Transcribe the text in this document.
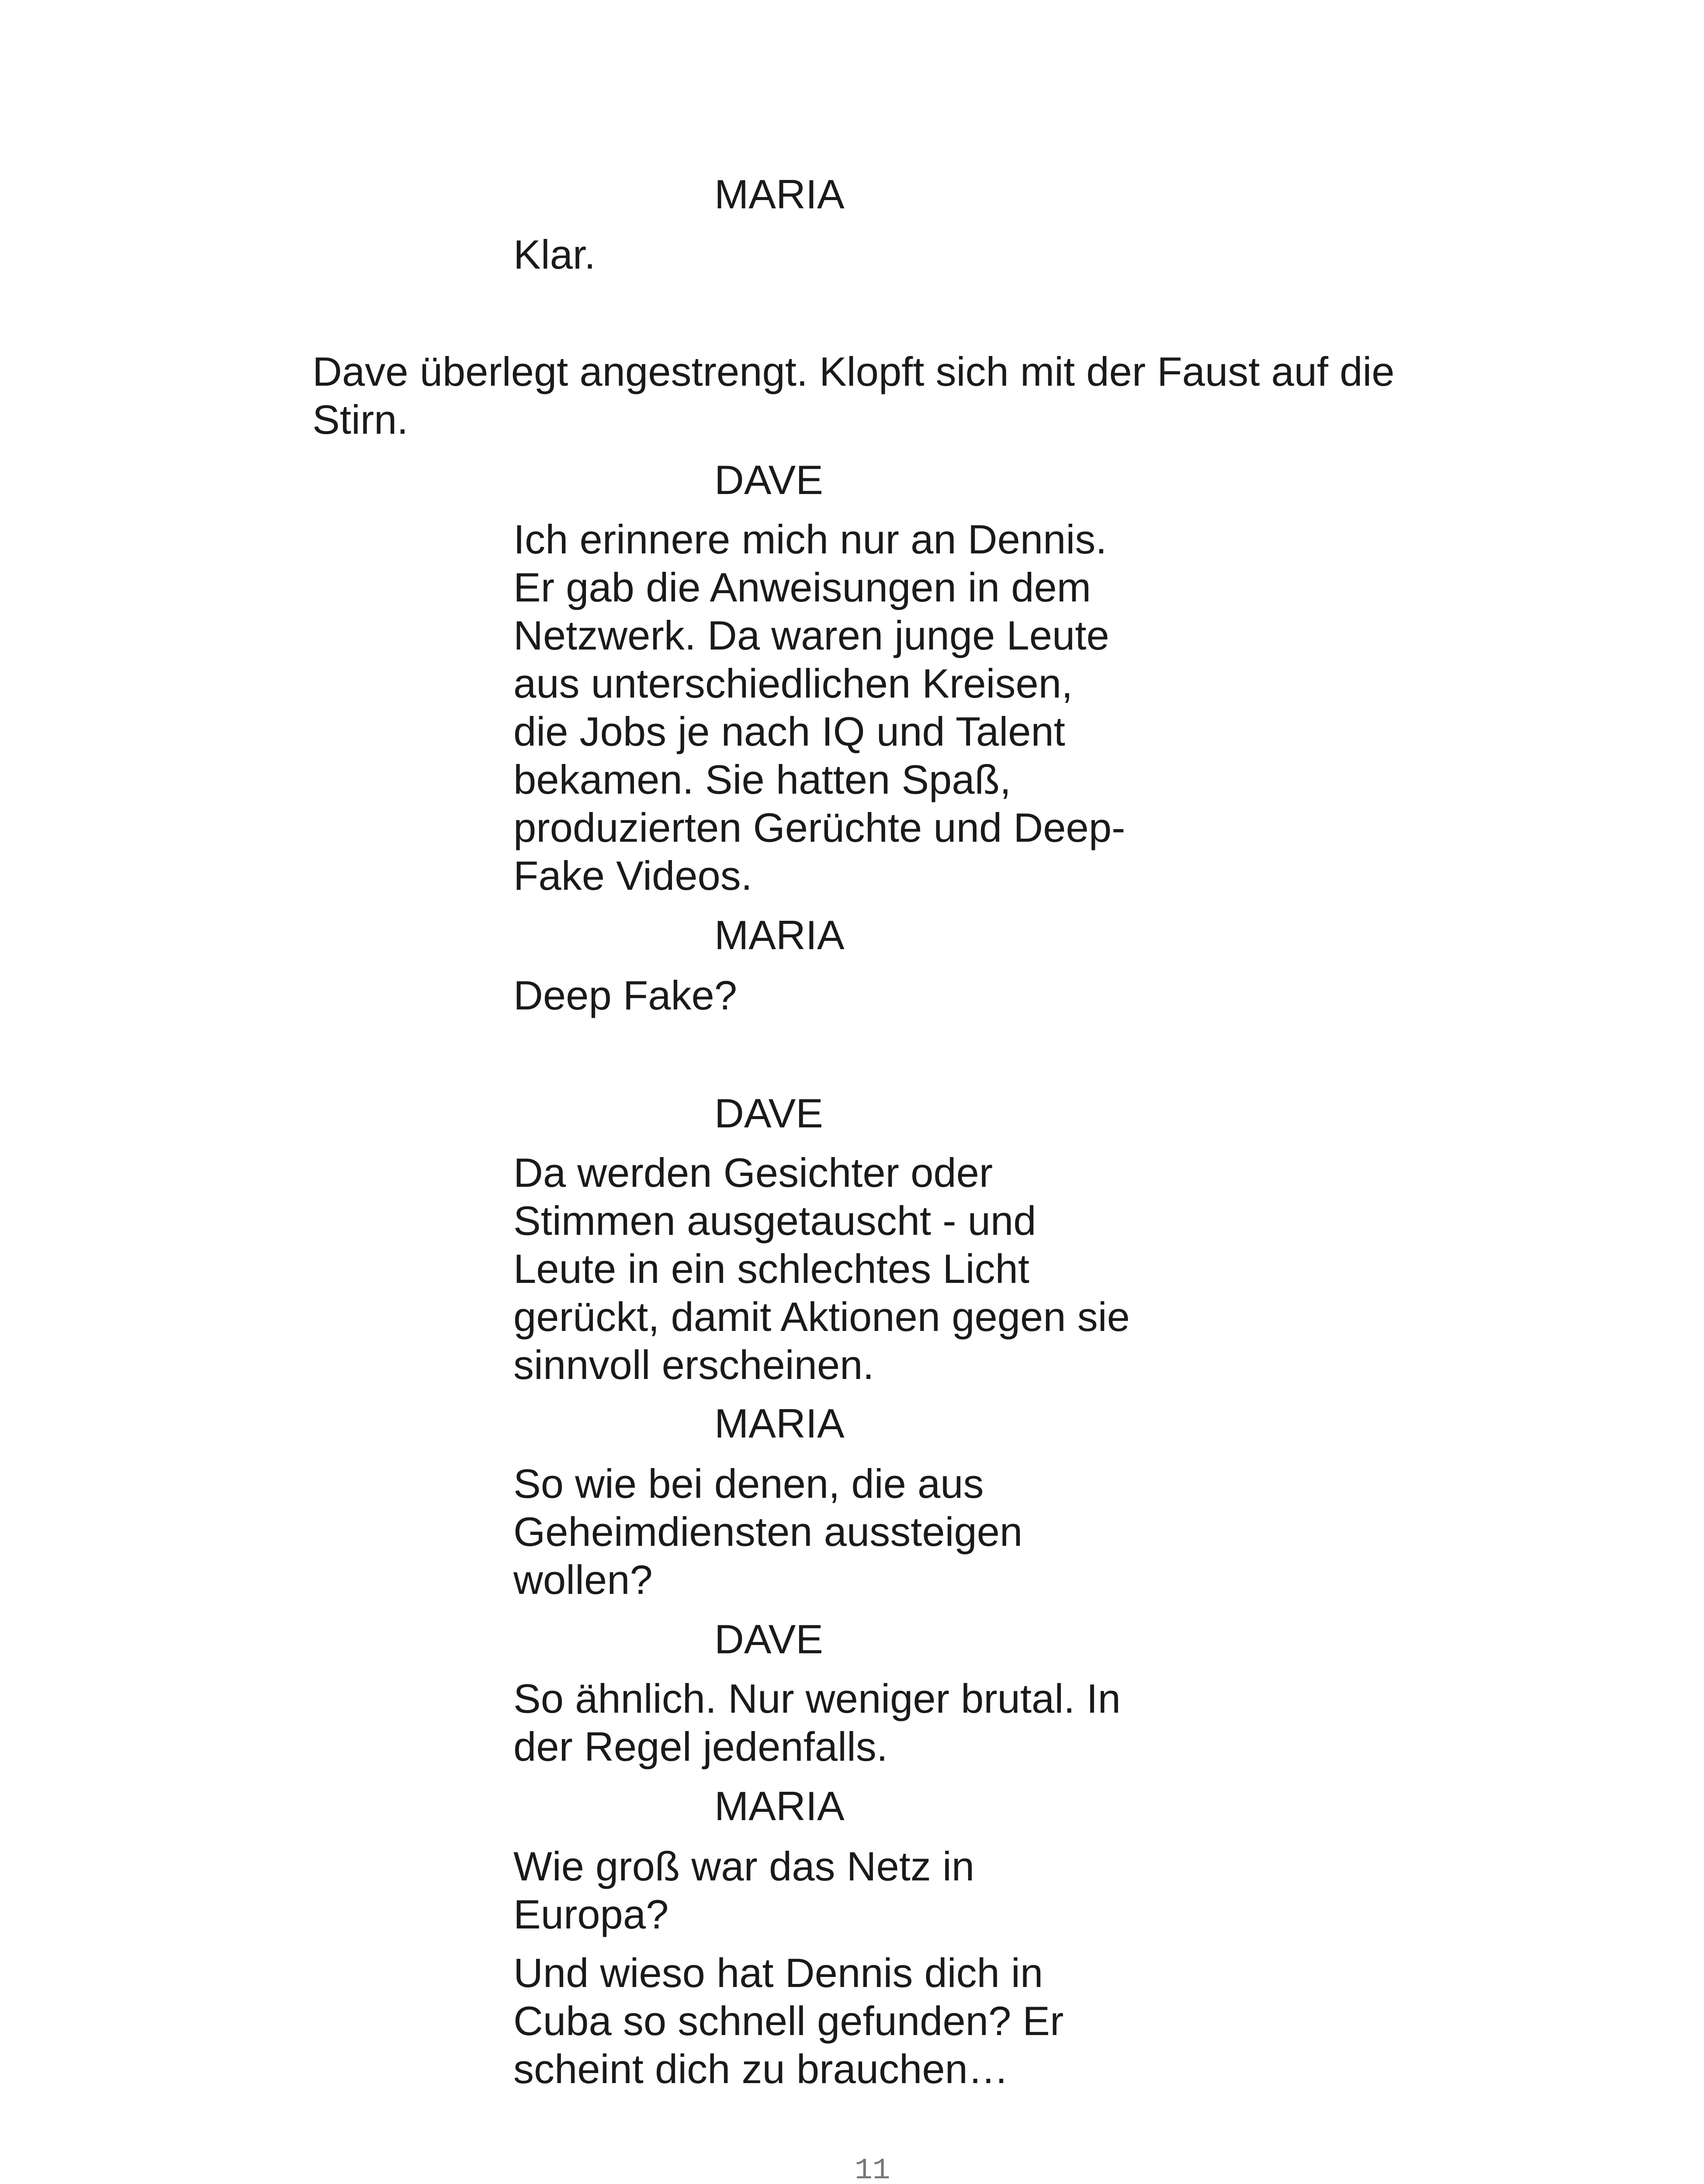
MARIA
Klar.
Dave überlegt angestrengt. Klopft sich mit der Faust auf die
Stirn.
DAVE
Ich erinnere mich nur an Dennis.
Er gab die Anweisungen in dem
Netzwerk. Da waren junge Leute
aus unterschiedlichen Kreisen,
die Jobs je nach IQ und Talent
bekamen. Sie hatten Spaß,
produzierten Gerüchte und Deep-
Fake Videos.
MARIA
Deep Fake?
DAVE
Da werden Gesichter oder
Stimmen ausgetauscht - und
Leute in ein schlechtes Licht
gerückt, damit Aktionen gegen sie
sinnvoll erscheinen.
MARIA
So wie bei denen, die aus
Geheimdiensten aussteigen
wollen?
DAVE
So ähnlich. Nur weniger brutal. In
der Regel jedenfalls.
MARIA
Wie groß war das Netz in
Europa?
Und wieso hat Dennis dich in
Cuba so schnell gefunden? Er
scheint dich zu brauchen…
11
